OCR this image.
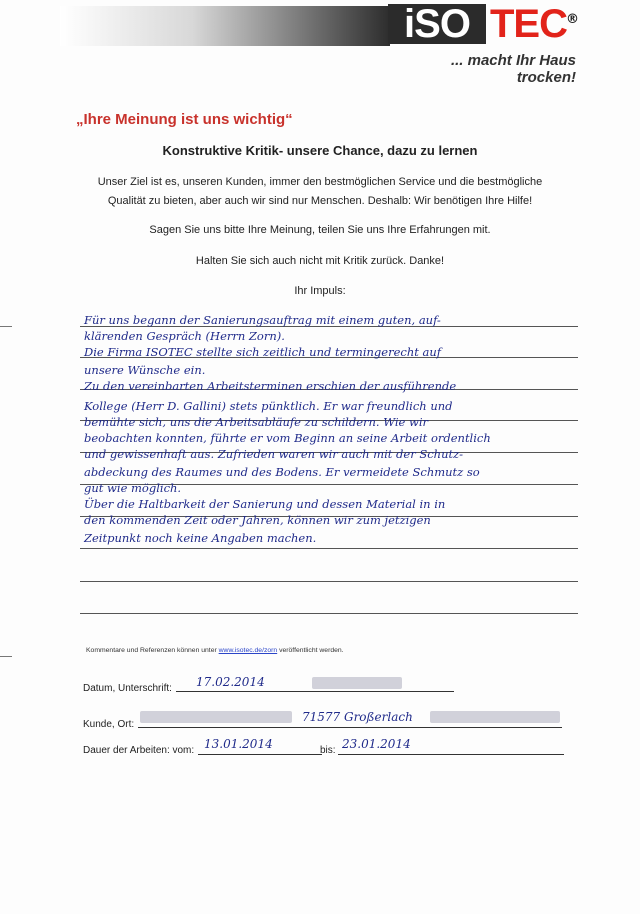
iSO TEC ®
... macht Ihr Haus trocken!
„Ihre Meinung ist uns wichtig“
Konstruktive Kritik- unsere Chance, dazu zu lernen
Unser Ziel ist es, unseren Kunden, immer den bestmöglichen Service und die bestmögliche
Qualität zu bieten, aber auch wir sind nur Menschen. Deshalb: Wir benötigen Ihre Hilfe!
Sagen Sie uns bitte Ihre Meinung, teilen Sie uns Ihre Erfahrungen mit.
Halten Sie sich auch nicht mit Kritik zurück. Danke!
Ihr Impuls:
Für uns begann der Sanierungsauftrag mit einem guten, auf-
klärenden Gespräch (Herrn Zorn).
Die Firma ISOTEC stellte sich zeitlich und termingerecht auf
unsere Wünsche ein.
Zu den vereinbarten Arbeitsterminen erschien der ausführende
Kollege (Herr D. Gallini) stets pünktlich. Er war freundlich und
bemühte sich, uns die Arbeitsabläufe zu schildern. Wie wir
beobachten konnten, führte er vom Beginn an seine Arbeit ordentlich
und gewissenhaft aus. Zufrieden waren wir auch mit der Schutz-
abdeckung des Raumes und des Bodens. Er vermeidete Schmutz so
gut wie möglich.
Über die Haltbarkeit der Sanierung und dessen Material in in
den kommenden Zeit oder Jahren, können wir zum jetzigen
Zeitpunkt noch keine Angaben machen.
Kommentare und Referenzen können unter www.isotec.de/zorn veröffentlicht werden.
Datum, Unterschrift: 17.02.2014
Kunde, Ort:
71577 Großerlach
Dauer der Arbeiten: vom: 13.01.2014	bis: 23.01.2014
